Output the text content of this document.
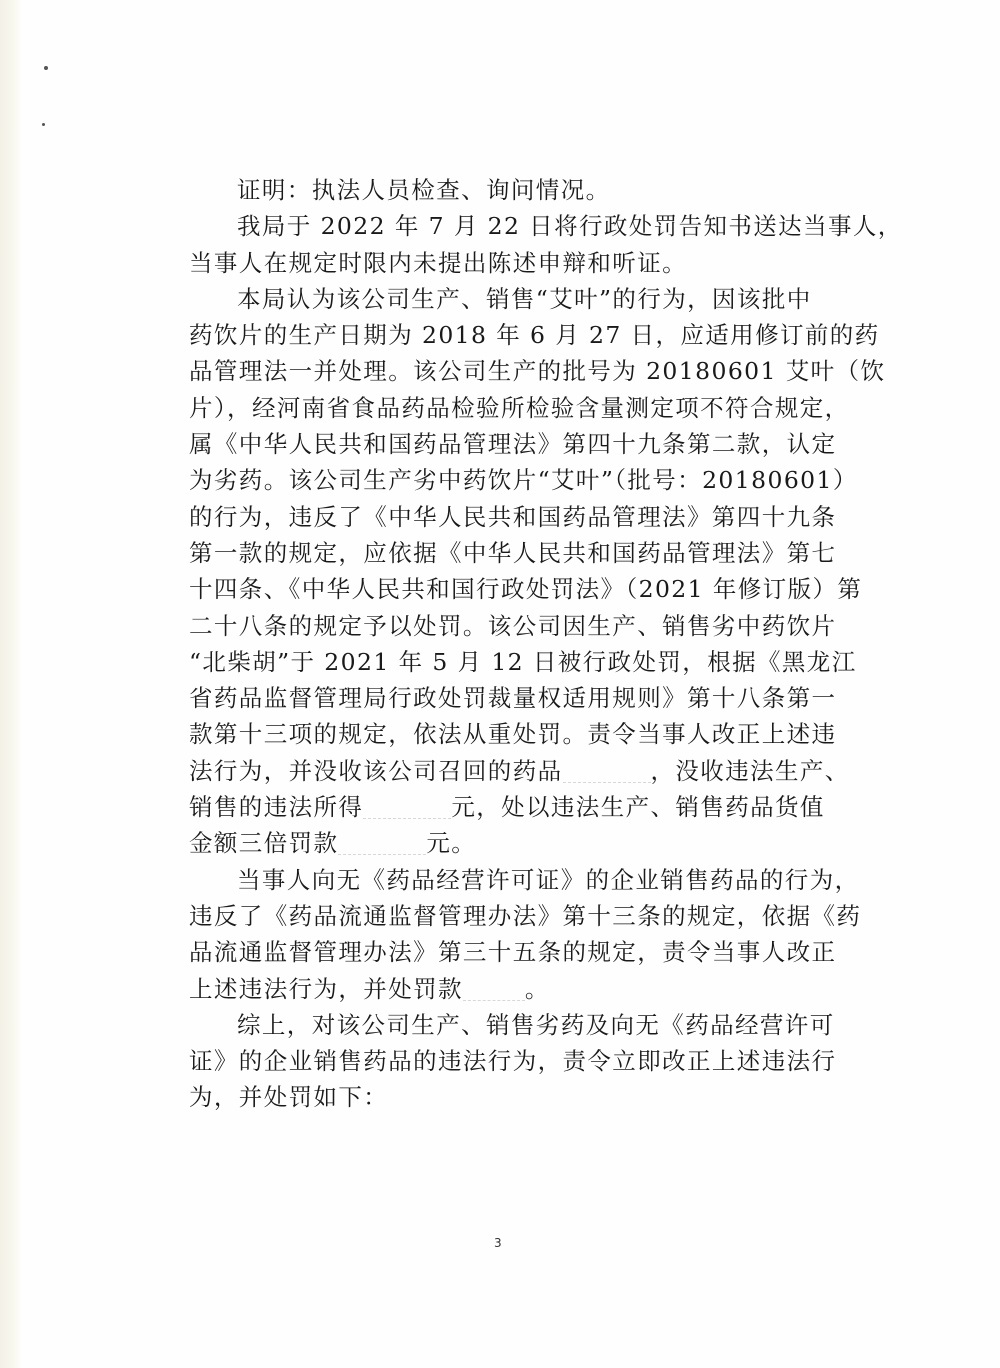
证明：执法人员检查、询问情况。

我局于 2022 年 7 月 22 日将行政处罚告知书送达当事人，
当事人在规定时限内未提出陈述申辩和听证。

本局认为该公司生产、销售“艾叶”的行为，因该批中
药饮片的生产日期为 2018 年 6 月 27 日，应适用修订前的药
品管理法一并处理。该公司生产的批号为 20180601 艾叶（饮
片），经河南省食品药品检验所检验含量测定项不符合规定，
属《中华人民共和国药品管理法》第四十九条第二款，认定
为劣药。该公司生产劣中药饮片“艾叶”（批号：20180601）
的行为，违反了《中华人民共和国药品管理法》第四十九条
第一款的规定，应依据《中华人民共和国药品管理法》第七
十四条、《中华人民共和国行政处罚法》（2021 年修订版）第
二十八条的规定予以处罚。该公司因生产、销售劣中药饮片
“北柴胡”于 2021 年 5 月 12 日被行政处罚，根据《黑龙江
省药品监督管理局行政处罚裁量权适用规则》第十八条第一
款第十三项的规定，依法从重处罚。责令当事人改正上述违
法行为，并没收该公司召回的药品	，没收违法生产、
销售的违法所得	元，处以违法生产、销售药品货值
金额三倍罚款	元。

当事人向无《药品经营许可证》的企业销售药品的行为，
违反了《药品流通监督管理办法》第十三条的规定，依据《药
品流通监督管理办法》第三十五条的规定，责令当事人改正
上述违法行为，并处罚款	。

综上，对该公司生产、销售劣药及向无《药品经营许可
证》的企业销售药品的违法行为，责令立即改正上述违法行
为，并处罚如下：

3
